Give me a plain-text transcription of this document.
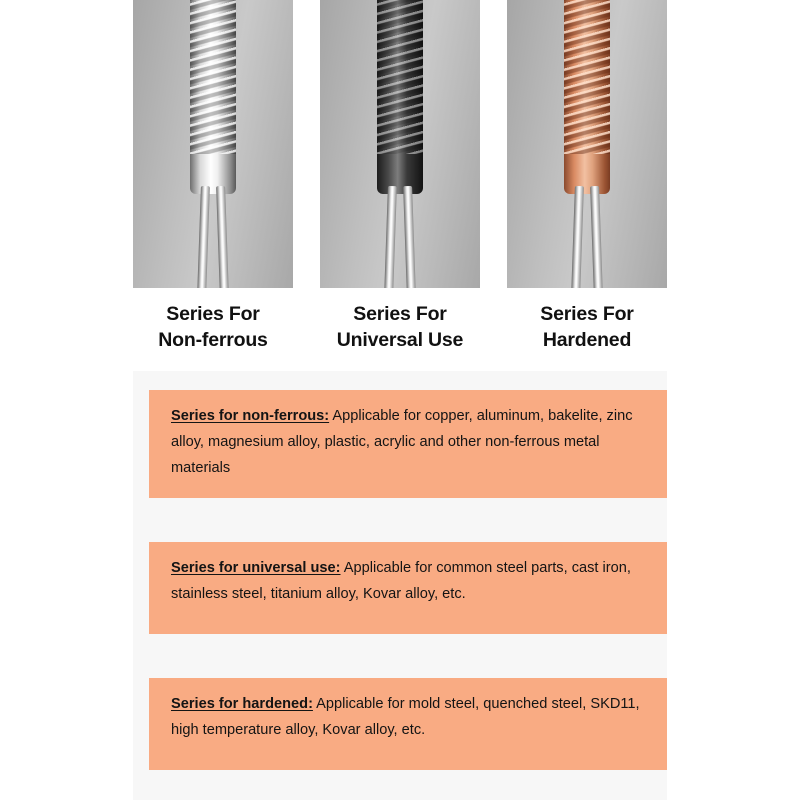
Series For
Non-ferrous
Series For
Universal Use
Series For
Hardened
Series for non-ferrous: Applicable for copper, aluminum, bakelite, zinc alloy, magnesium alloy, plastic, acrylic and other non-ferrous metal materials
Series for universal use: Applicable for common steel parts, cast iron, stainless steel, titanium alloy, Kovar alloy, etc.
Series for hardened: Applicable for mold steel, quenched steel, SKD11, high temperature alloy, Kovar alloy, etc.
